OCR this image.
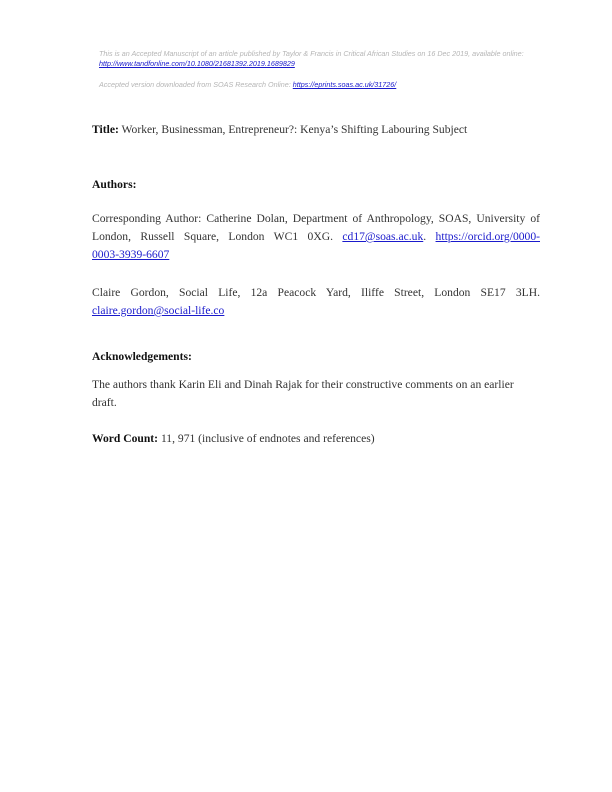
This is an Accepted Manuscript of an article published by Taylor & Francis in Critical African Studies on 16 Dec 2019, available online:
http://www.tandfonline.com/10.1080/21681392.2019.1689829
Accepted version downloaded from SOAS Research Online: https://eprints.soas.ac.uk/31726/
Title: Worker, Businessman, Entrepreneur?: Kenya’s Shifting Labouring Subject
Authors:
Corresponding Author: Catherine Dolan, Department of Anthropology, SOAS, University of
London, Russell Square, London WC1 0XG. cd17@soas.ac.uk. https://orcid.org/0000-
0003-3939-6607
Claire Gordon, Social Life, 12a Peacock Yard, Iliffe Street, London SE17 3LH.
claire.gordon@social-life.co
Acknowledgements:
The authors thank Karin Eli and Dinah Rajak for their constructive comments on an earlier
draft.
Word Count: 11, 971 (inclusive of endnotes and references)
